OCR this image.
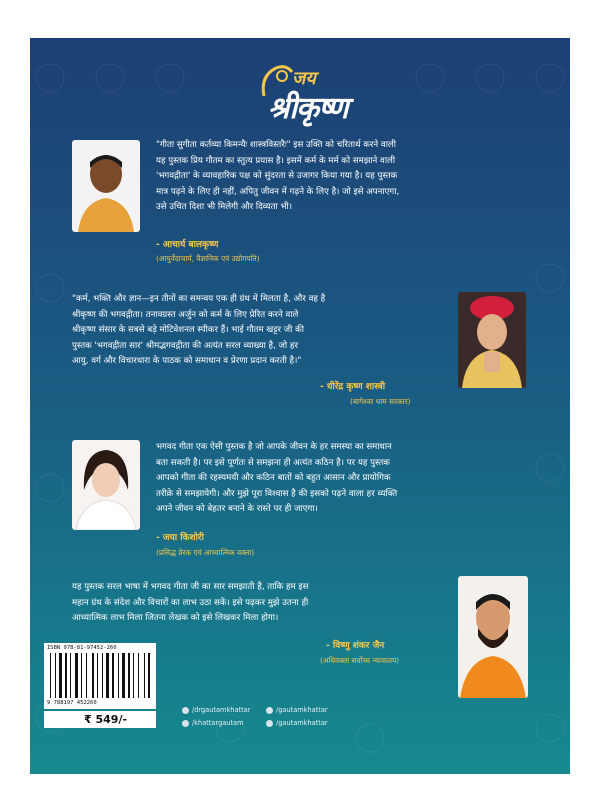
जय
श्रीकृष्ण

"गीता सुगीता कर्तव्या किमन्यैः शास्त्रविस्तरैः" इस उक्ति को चरितार्थ करने वाली

यह पुस्तक प्रिय गौतम का स्तुत्य प्रयास है। इसमें कर्म के मर्म को समझाने वाली

'भगवद्गीता' के व्यावहारिक पक्ष को सुंदरता से उजागर किया गया है। यह पुस्तक

मात्र पढ़ने के लिए ही नहीं, अपितु जीवन में गढ़ने के लिए है। जो इसे अपनाएगा,

उसे उचित दिशा भी मिलेगी और दिव्यता भी।

- आचार्य बालकृष्ण
(आयुर्वेदाचार्य, वैज्ञानिक एवं उद्योगपति)

"कर्म, भक्ति और ज्ञान—इन तीनों का समन्वय एक ही ग्रंथ में मिलता है, और वह है

श्रीकृष्ण की भगवद्गीता। तनावग्रस्त अर्जुन को कर्म के लिए प्रेरित करने वाले

श्रीकृष्ण संसार के सबसे बड़े मोटिवेशनल स्पीकर हैं। भाई गौतम खट्टर जी की

पुस्तक 'भगवद्गीता सार' श्रीमद्भगवद्गीता की अत्यंत सरल व्याख्या है, जो हर

आयु, वर्ग और विचारधारा के पाठक को समाधान व प्रेरणा प्रदान करती है।"

- धीरेंद्र कृष्ण शास्त्री
(बागेश्वर धाम सरकार)

भगवद गीता एक ऐसी पुस्तक है जो आपके जीवन के हर समस्या का समाधान

बता सकती है। पर इसे पूर्णतः से समझना ही अत्यंत कठिन है। पर यह पुस्तक

आपको गीता की रहस्यमयी और कठिन बातों को बहुत आसान और प्रायोगिक

तरीक़े से समझायेगी। और मुझे पूरा विश्वास है की इसको पढ़ने वाला हर व्यक्ति

अपने जीवन को बेहतर बनाने के रास्ते पर ही जाएगा।

- जया किशोरी
(प्रसिद्ध प्रेरक एवं आध्यात्मिक वक्ता)

यह पुस्तक सरल भाषा में भगवद गीता जी का सार समझाती है, ताकि हम इस

महान ग्रंथ के संदेश और विचारों का लाभ उठा सकें। इसे पढ़कर मुझे उतना ही

आध्यात्मिक लाभ मिला जितना लेखक को इसे लिखकर मिला होगा।

- विष्णु शंकर जैन
(अधिवक्ता सर्वोच्च न्यायालय)
ISBN 978-81-97452-260
9 788197 452260
₹ 549/-
/drgautamkhattar	/gautamkhattar
/khattargautam	/gautamkhattar
